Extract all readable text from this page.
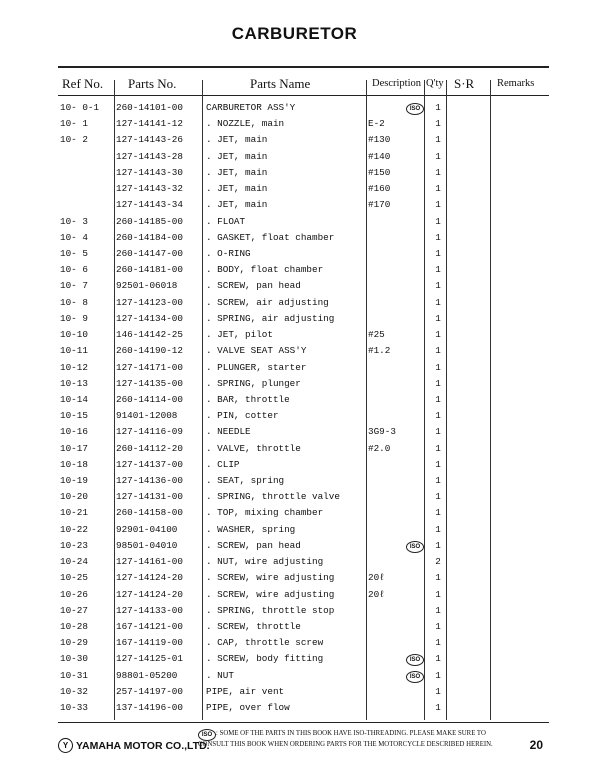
CARBURETOR
Ref No. Parts No.	Parts Name	Description Q'ty S·R Remarks
10- 0-1	260-14101-00 CARBURETOR ASS'Y	1
ISO
10- 1	127-14141-12 . NOZZLE, main	E-2	1
10- 2	127-14143-26 . JET, main	#130	1
127-14143-28 . JET, main	#140	1
127-14143-30 . JET, main	#150	1
127-14143-32 . JET, main	#160	1
127-14143-34 . JET, main	#170	1
10- 3	260-14185-00 . FLOAT	1
10- 4	260-14184-00 . GASKET, float chamber	1
10- 5	260-14147-00 . O-RING	1
10- 6	260-14181-00 . BODY, float chamber	1
10- 7	92501-06018	. SCREW, pan head	1
10- 8	127-14123-00 . SCREW, air adjusting	1
10- 9	127-14134-00 . SPRING, air adjusting	1
10-10	146-14142-25 . JET, pilot	#25	1
10-11	260-14190-12 . VALVE SEAT ASS'Y	#1.2	1
10-12	127-14171-00 . PLUNGER, starter	1
10-13	127-14135-00 . SPRING, plunger	1
10-14	260-14114-00 . BAR, throttle	1
10-15	91401-12008	. PIN, cotter	1
10-16	127-14116-09 . NEEDLE	3G9-3	1
10-17	260-14112-20 . VALVE, throttle	#2.0	1
10-18	127-14137-00 . CLIP	1
10-19	127-14136-00 . SEAT, spring	1
10-20	127-14131-00 . SPRING, throttle valve	1
10-21	260-14158-00 . TOP, mixing chamber	1
10-22	92901-04100	. WASHER, spring	1
10-23	98501-04010	. SCREW, pan head	1
ISO
10-24	127-14161-00 . NUT, wire adjusting	2
10-25	127-14124-20 . SCREW, wire adjusting	20ℓ	1
10-26	127-14124-20 . SCREW, wire adjusting	20ℓ	1
10-27	127-14133-00 . SPRING, throttle stop	1
10-28	167-14121-00 . SCREW, throttle	1
10-29	167-14119-00 . CAP, throttle screw	1
10-30	127-14125-01 . SCREW, body fitting	1
ISO
10-31	98801-05200	. NUT	1
ISO
10-32	257-14197-00 PIPE, air vent	1
10-33	137-14196-00 PIPE, over flow	1
Y YAMAHA MOTOR CO.,LTD.
ISO : SOME OF THE PARTS IN THIS BOOK HAVE ISO-THREADING. PLEASE MAKE SURE TO
CONSULT THIS BOOK WHEN ORDERING PARTS FOR THE MOTORCYCLE DESCRIBED HEREIN.	20
